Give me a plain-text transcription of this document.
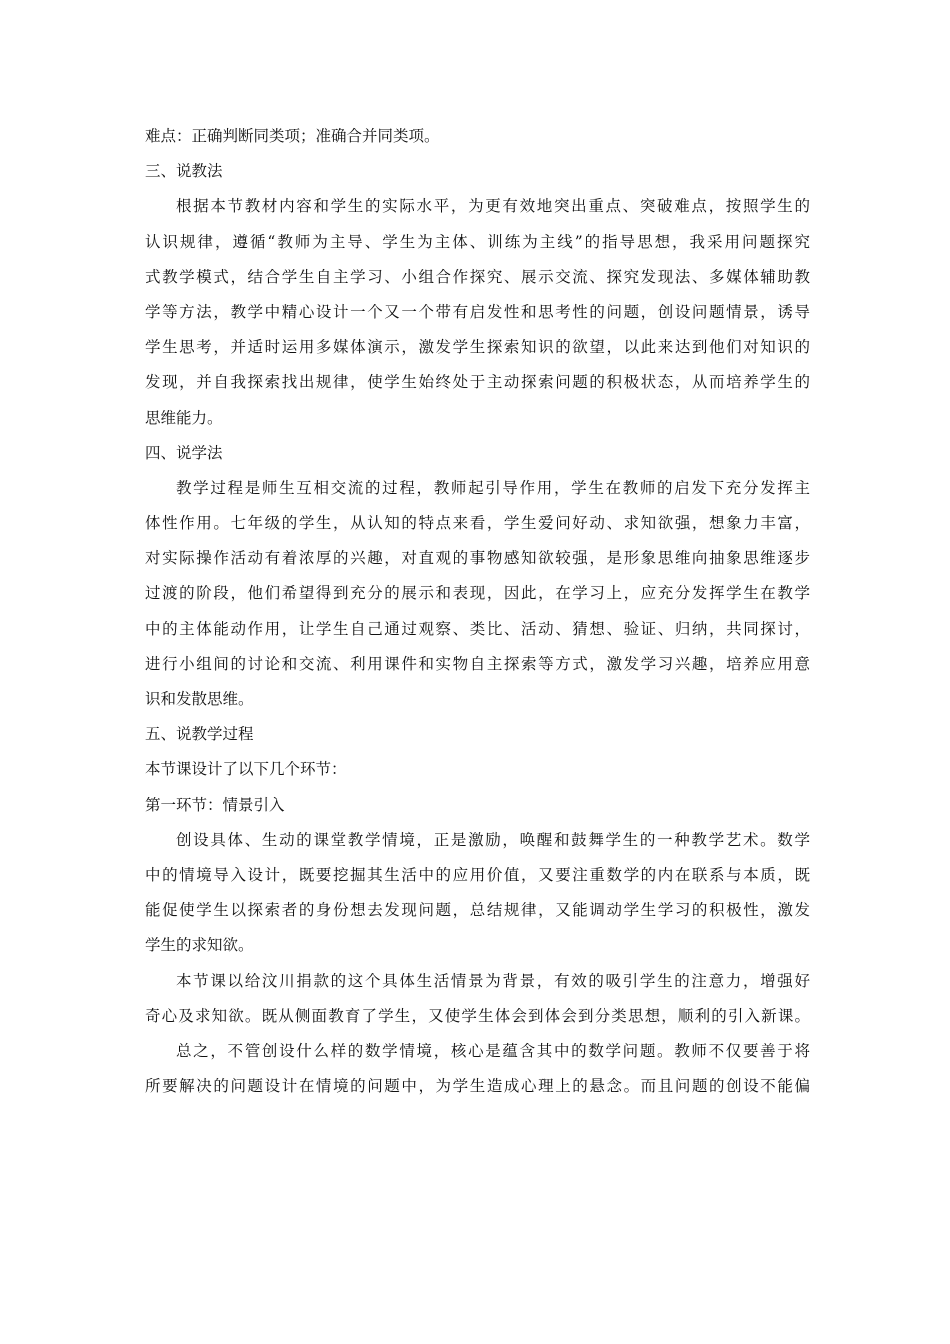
难点：正确判断同类项；准确合并同类项。
三、说教法
根据本节教材内容和学生的实际水平，为更有效地突出重点、突破难点，按照学生的
认识规律，遵循“教师为主导、学生为主体、训练为主线”的指导思想，我采用问题探究
式教学模式，结合学生自主学习、小组合作探究、展示交流、探究发现法、多媒体辅助教
学等方法，教学中精心设计一个又一个带有启发性和思考性的问题，创设问题情景，诱导
学生思考，并适时运用多媒体演示，激发学生探索知识的欲望，以此来达到他们对知识的
发现，并自我探索找出规律，使学生始终处于主动探索问题的积极状态，从而培养学生的
思维能力。
四、说学法
教学过程是师生互相交流的过程，教师起引导作用，学生在教师的启发下充分发挥主
体性作用。七年级的学生，从认知的特点来看，学生爱问好动、求知欲强，想象力丰富，
对实际操作活动有着浓厚的兴趣，对直观的事物感知欲较强，是形象思维向抽象思维逐步
过渡的阶段，他们希望得到充分的展示和表现，因此，在学习上，应充分发挥学生在教学
中的主体能动作用，让学生自己通过观察、类比、活动、猜想、验证、归纳，共同探讨，
进行小组间的讨论和交流、利用课件和实物自主探索等方式，激发学习兴趣，培养应用意
识和发散思维。
五、说教学过程
本节课设计了以下几个环节：
第一环节：情景引入
创设具体、生动的课堂教学情境，正是激励，唤醒和鼓舞学生的一种教学艺术。数学
中的情境导入设计，既要挖掘其生活中的应用价值，又要注重数学的内在联系与本质，既
能促使学生以探索者的身份想去发现问题，总结规律，又能调动学生学习的积极性，激发
学生的求知欲。
本节课以给汶川捐款的这个具体生活情景为背景，有效的吸引学生的注意力，增强好
奇心及求知欲。既从侧面教育了学生，又使学生体会到体会到分类思想，顺利的引入新课。
总之，不管创设什么样的数学情境，核心是蕴含其中的数学问题。教师不仅要善于将
所要解决的问题设计在情境的问题中，为学生造成心理上的悬念。而且问题的创设不能偏
